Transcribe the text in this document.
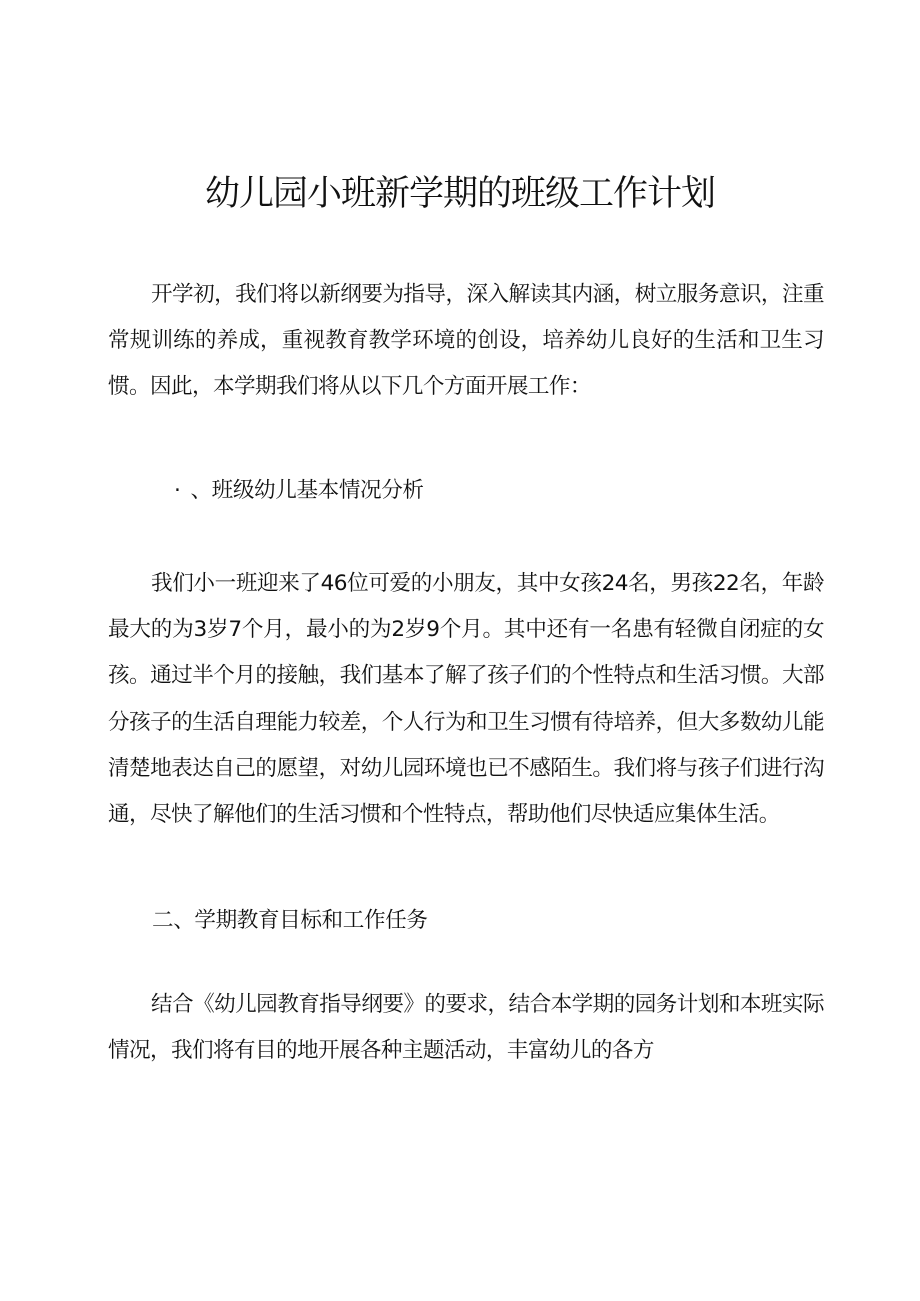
幼儿园小班新学期的班级工作计划

开学初，我们将以新纲要为指导，深入解读其内涵，树立服务意识，注重常规训练的养成，重视教育教学环境的创设，培养幼儿良好的生活和卫生习惯。因此，本学期我们将从以下几个方面开展工作：

· 、班级幼儿基本情况分析

我们小一班迎来了46位可爱的小朋友，其中女孩24名，男孩22名，年龄最大的为3岁7个月，最小的为2岁9个月。其中还有一名患有轻微自闭症的女孩。通过半个月的接触，我们基本了解了孩子们的个性特点和生活习惯。大部分孩子的生活自理能力较差，个人行为和卫生习惯有待培养，但大多数幼儿能清楚地表达自己的愿望，对幼儿园环境也已不感陌生。我们将与孩子们进行沟通，尽快了解他们的生活习惯和个性特点，帮助他们尽快适应集体生活。

二、学期教育目标和工作任务

结合《幼儿园教育指导纲要》的要求，结合本学期的园务计划和本班实际情况，我们将有目的地开展各种主题活动，丰富幼儿的各方
